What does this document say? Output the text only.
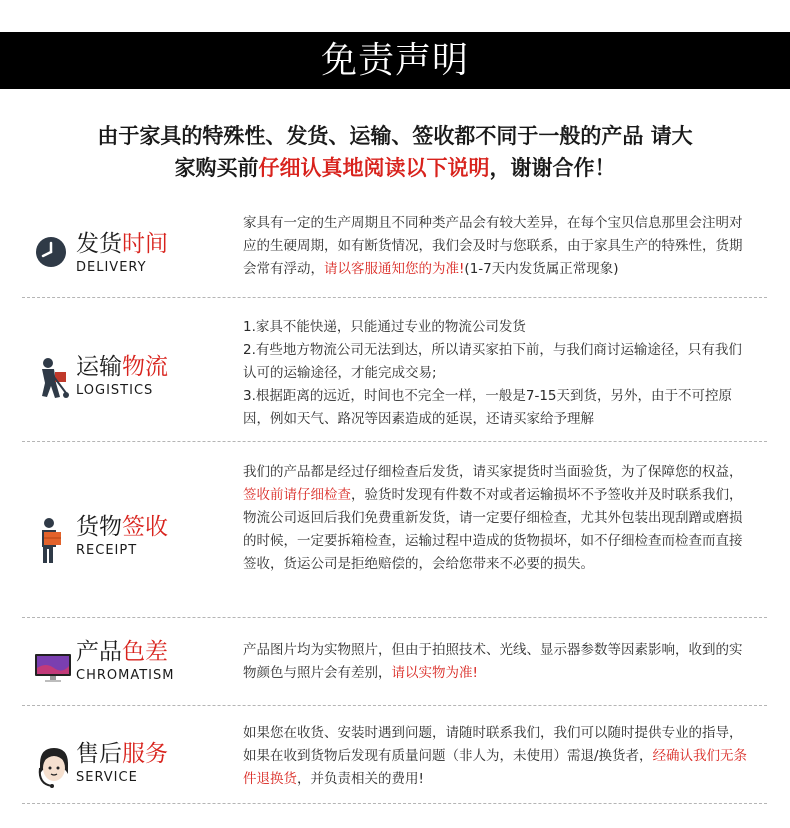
免责声明
由于家具的特殊性、发货、运输、签收都不同于一般的产品 请大
家购买前仔细认真地阅读以下说明，谢谢合作！
发货时间
DELIVERY

家具有一定的生产周期且不同种类产品会有较大差异，在每个宝贝信息那里会注明对应的生硬周期，如有断货情况，我们会及时与您联系，由于家具生产的特殊性，货期会常有浮动，请以客服通知您的为准!(1-7天内发货属正常现象)

运输物流
LOGISTICS

1.家具不能快递，只能通过专业的物流公司发货

2.有些地方物流公司无法到达，所以请买家拍下前，与我们商讨运输途径，只有我们认可的运输途径，才能完成交易;

3.根据距离的远近，时间也不完全一样，一般是7-15天到货，另外，由于不可控原因，例如天气、路况等因素造成的延误，还请买家给予理解

货物签收
RECEIPT

我们的产品都是经过仔细检查后发货，请买家提货时当面验货，为了保障您的权益，签收前请仔细检查，验货时发现有件数不对或者运输损坏不予签收并及时联系我们，物流公司返回后我们免费重新发货，请一定要仔细检查，尤其外包装出现刮蹭或磨损的时候，一定要拆箱检查，运输过程中造成的货物损坏，如不仔细检查而检查而直接签收，货运公司是拒绝赔偿的，会给您带来不必要的损失。

产品色差
CHROMATISM

产品图片均为实物照片，但由于拍照技术、光线、显示器参数等因素影响，收到的实物颜色与照片会有差别，请以实物为准!

售后服务
SERVICE

如果您在收货、安装时遇到问题，请随时联系我们，我们可以随时提供专业的指导，如果在收到货物后发现有质量问题（非人为，未使用）需退/换货者，经确认我们无条件退换货，并负责相关的费用!
